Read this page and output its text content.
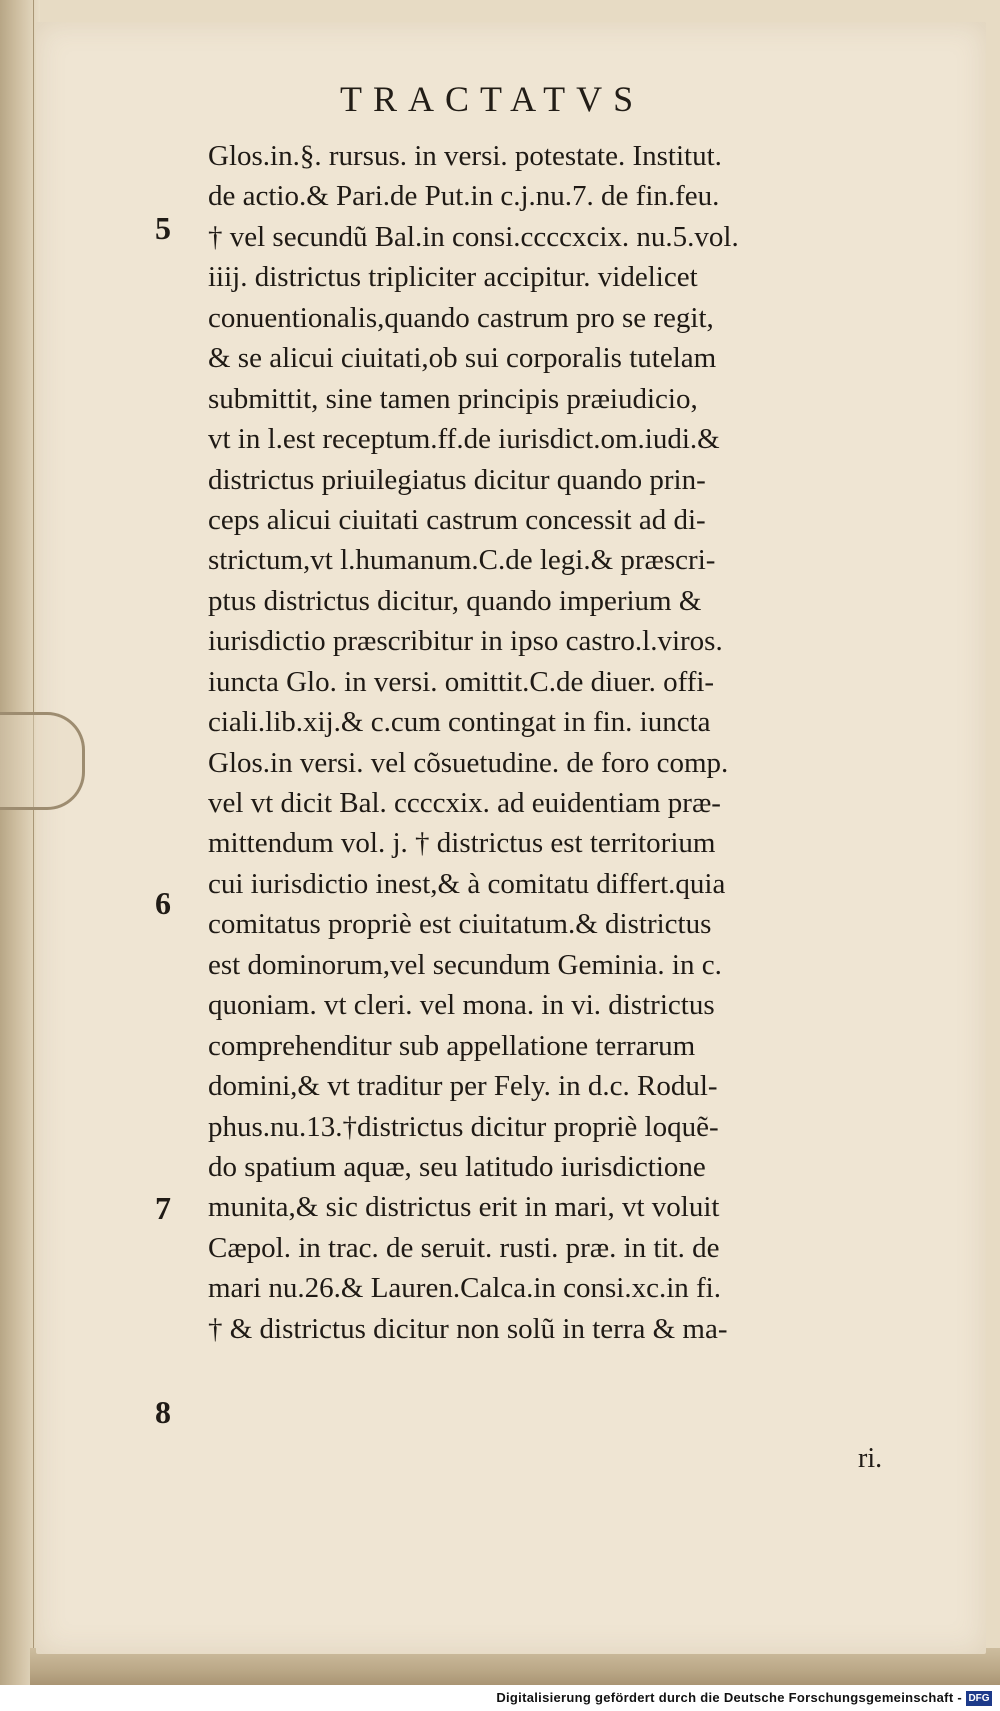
TRACTATVS
Glos.in.§. rursus. in versi. potestate. Institut.
de actio.& Pari.de Put.in c.j.nu.7. de fin.feu.
† vel secundũ Bal.in consi.ccccxcix. nu.5.vol.
iiij. districtus tripliciter accipitur. videlicet
conuentionalis,quando castrum pro se regit,
& se alicui ciuitati,ob sui corporalis tutelam
submittit, sine tamen principis præiudicio,
vt in l.est receptum.ff.de iurisdict.om.iudi.&
districtus priuilegiatus dicitur quando prin-
ceps alicui ciuitati castrum concessit ad di-
strictum,vt l.humanum.C.de legi.& præscri-
ptus districtus dicitur, quando imperium &
iurisdictio præscribitur in ipso castro.l.viros.
iuncta Glo. in versi. omittit.C.de diuer. offi-
ciali.lib.xij.& c.cum contingat in fin. iuncta
Glos.in versi. vel cõsuetudine. de foro comp.
vel vt dicit Bal. ccccxix. ad euidentiam præ-
mittendum vol. j. † districtus est territorium
cui iurisdictio inest,& à comitatu differt.quia
comitatus propriè est ciuitatum.& districtus
est dominorum,vel secundum Geminia. in c.
quoniam. vt cleri. vel mona. in vi. districtus
comprehenditur sub appellatione terrarum
domini,& vt traditur per Fely. in d.c. Rodul-
phus.nu.13.†districtus dicitur propriè loquẽ-
do spatium aquæ, seu latitudo iurisdictione
munita,& sic districtus erit in mari, vt voluit
Cæpol. in trac. de seruit. rusti. præ. in tit. de
mari nu.26.& Lauren.Calca.in consi.xc.in fi.
† & districtus dicitur non solũ in terra & ma-
5
6
7
8
ri.
Digitalisierung gefördert durch die Deutsche Forschungsgemeinschaft - DFG
